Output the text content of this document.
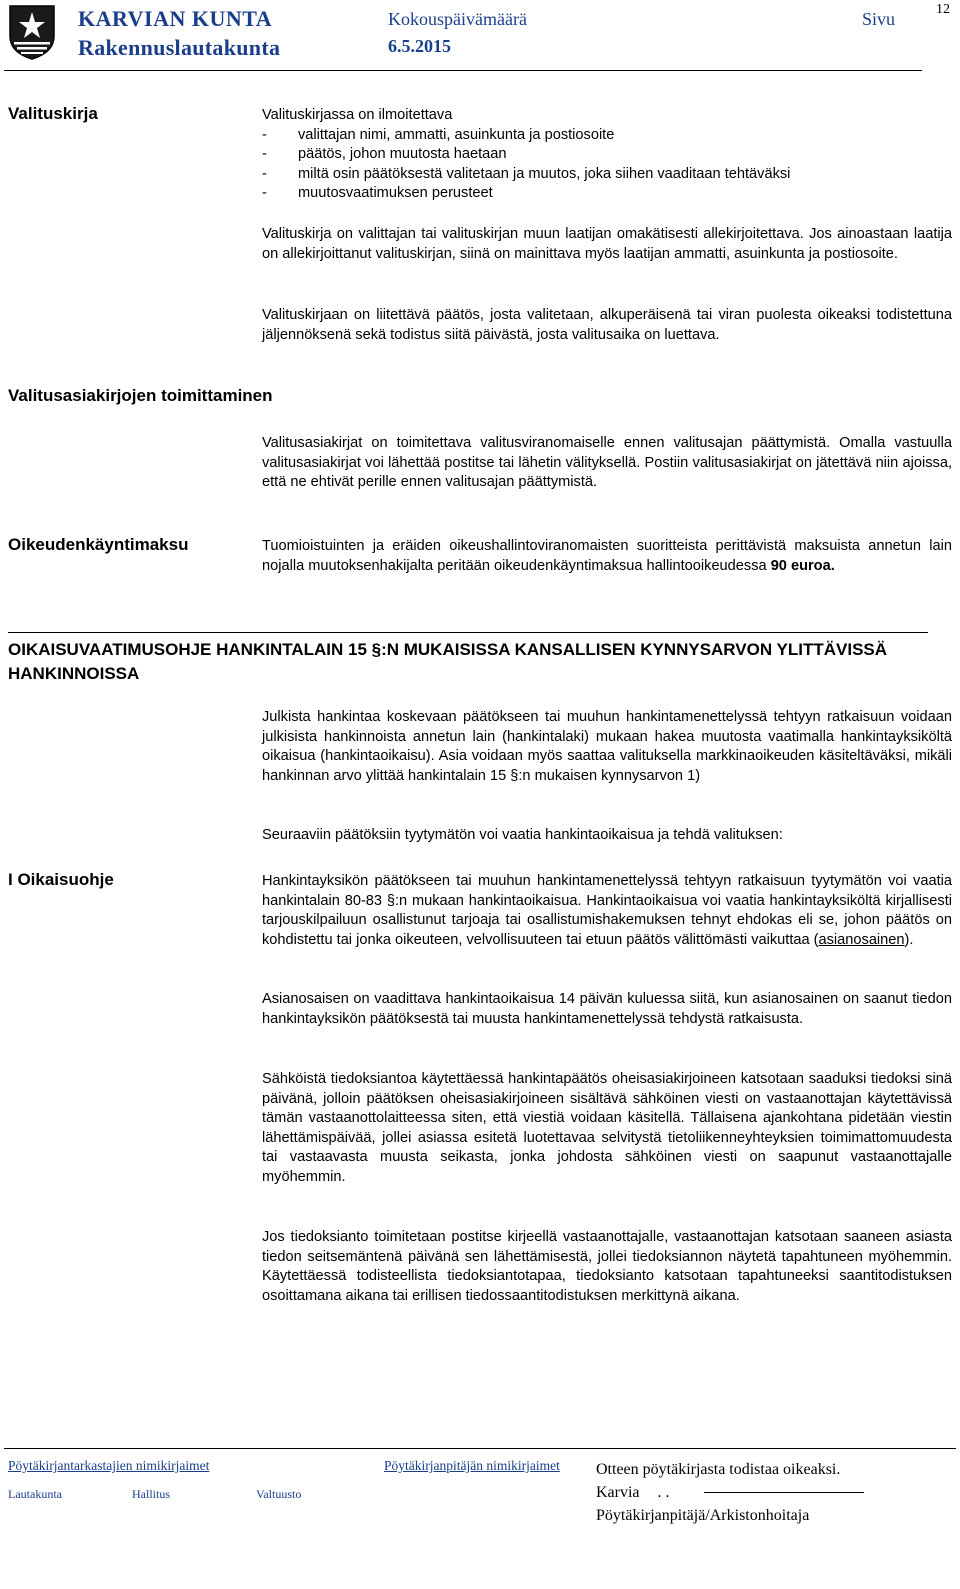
KARVIAN KUNTA
Rakennuslautakunta
Kokouspäivämäärä
6.5.2015
Sivu	12
Valituskirja	Valituskirjassa on ilmoitettava

- valittajan nimi, ammatti, asuinkunta ja postiosoite
- päätös, johon muutosta haetaan
- miltä osin päätöksestä valitetaan ja muutos, joka siihen vaaditaan tehtäväksi
- muutosvaatimuksen perusteet
Valituskirja on valittajan tai valituskirjan muun laatijan omakätisesti allekirjoitettava. Jos ainoastaan laatija on allekirjoittanut valituskirjan, siinä on mainittava myös laatijan ammatti, asuinkunta ja postiosoite.
Valituskirjaan on liitettävä päätös, josta valitetaan, alkuperäisenä tai viran puolesta oikeaksi todistettuna jäljennöksenä sekä todistus siitä päivästä, josta valitusaika on luettava.
Valitusasiakirjojen toimittaminen
Valitusasiakirjat on toimitettava valitusviranomaiselle ennen valitusajan päättymistä. Omalla vastuulla valitusasiakirjat voi lähettää postitse tai lähetin välityksellä. Postiin valitusasiakirjat on jätettävä niin ajoissa, että ne ehtivät perille ennen valitusajan päättymistä.
Oikeudenkäyntimaksu	Tuomioistuinten ja eräiden oikeushallintoviranomaisten suoritteista perittävistä maksuista annetun lain nojalla muutoksenhakijalta peritään oikeudenkäyntimaksua hallintooikeudessa 90 euroa.
OIKAISUVAATIMUSOHJE HANKINTALAIN 15 §:N MUKAISISSA KANSALLISEN KYNNYSARVON YLITTÄVISSÄ HANKINNOISSA
Julkista hankintaa koskevaan päätökseen tai muuhun hankintamenettelyssä tehtyyn ratkaisuun voidaan julkisista hankinnoista annetun lain (hankintalaki) mukaan hakea muutosta vaatimalla hankintayksiköltä oikaisua (hankintaoikaisu). Asia voidaan myös saattaa valituksella markkinaoikeuden käsiteltäväksi, mikäli hankinnan arvo ylittää hankintalain 15 §:n mukaisen kynnysarvon 1)
Seuraaviin päätöksiin tyytymätön voi vaatia hankintaoikaisua ja tehdä valituksen:
I Oikaisuohje	Hankintayksikön päätökseen tai muuhun hankintamenettelyssä tehtyyn ratkaisuun tyytymätön voi vaatia hankintalain 80-83 §:n mukaan hankintaoikaisua. Hankintaoikaisua voi vaatia hankintayksiköltä kirjallisesti tarjouskilpailuun osallistunut tarjoaja tai osallistumishakemuksen tehnyt ehdokas eli se, johon päätös on kohdistettu tai jonka oikeuteen, velvollisuuteen tai etuun päätös välittömästi vaikuttaa (asianosainen).
Asianosaisen on vaadittava hankintaoikaisua 14 päivän kuluessa siitä, kun asianosainen on saanut tiedon hankintayksikön päätöksestä tai muusta hankintamenettelyssä tehdystä ratkaisusta.
Sähköistä tiedoksiantoa käytettäessä hankintapäätös oheisasiakirjoineen katsotaan saaduksi tiedoksi sinä päivänä, jolloin päätöksen oheisasiakirjoineen sisältävä sähköinen viesti on vastaanottajan käytettävissä tämän vastaanottolaitteessa siten, että viestiä voidaan käsitellä. Tällaisena ajankohtana pidetään viestin lähettämispäivää, jollei asiassa esitetä luotettavaa selvitystä tietoliikenneyhteyksien toimimattomuudesta tai vastaavasta muusta seikasta, jonka johdosta sähköinen viesti on saapunut vastaanottajalle myöhemmin.
Jos tiedoksianto toimitetaan postitse kirjeellä vastaanottajalle, vastaanottajan katsotaan saaneen asiasta tiedon seitsemäntenä päivänä sen lähettämisestä, jollei tiedoksiannon näytetä tapahtuneen myöhemmin. Käytettäessä todisteellista tiedoksiantotapaa, tiedoksianto katsotaan tapahtuneeksi saantitodistuksen osoittamana aikana tai erillisen tiedossaantitodistuksen merkittynä aikana.
Pöytäkirjantarkastajien nimikirjaimet	Pöytäkirjanpitäjän nimikirjaimet
Lautakunta	Hallitus	Valtuusto
Otteen pöytäkirjasta todistaa oikeaksi.
Karvia . .
Pöytäkirjanpitäjä/Arkistonhoitaja
